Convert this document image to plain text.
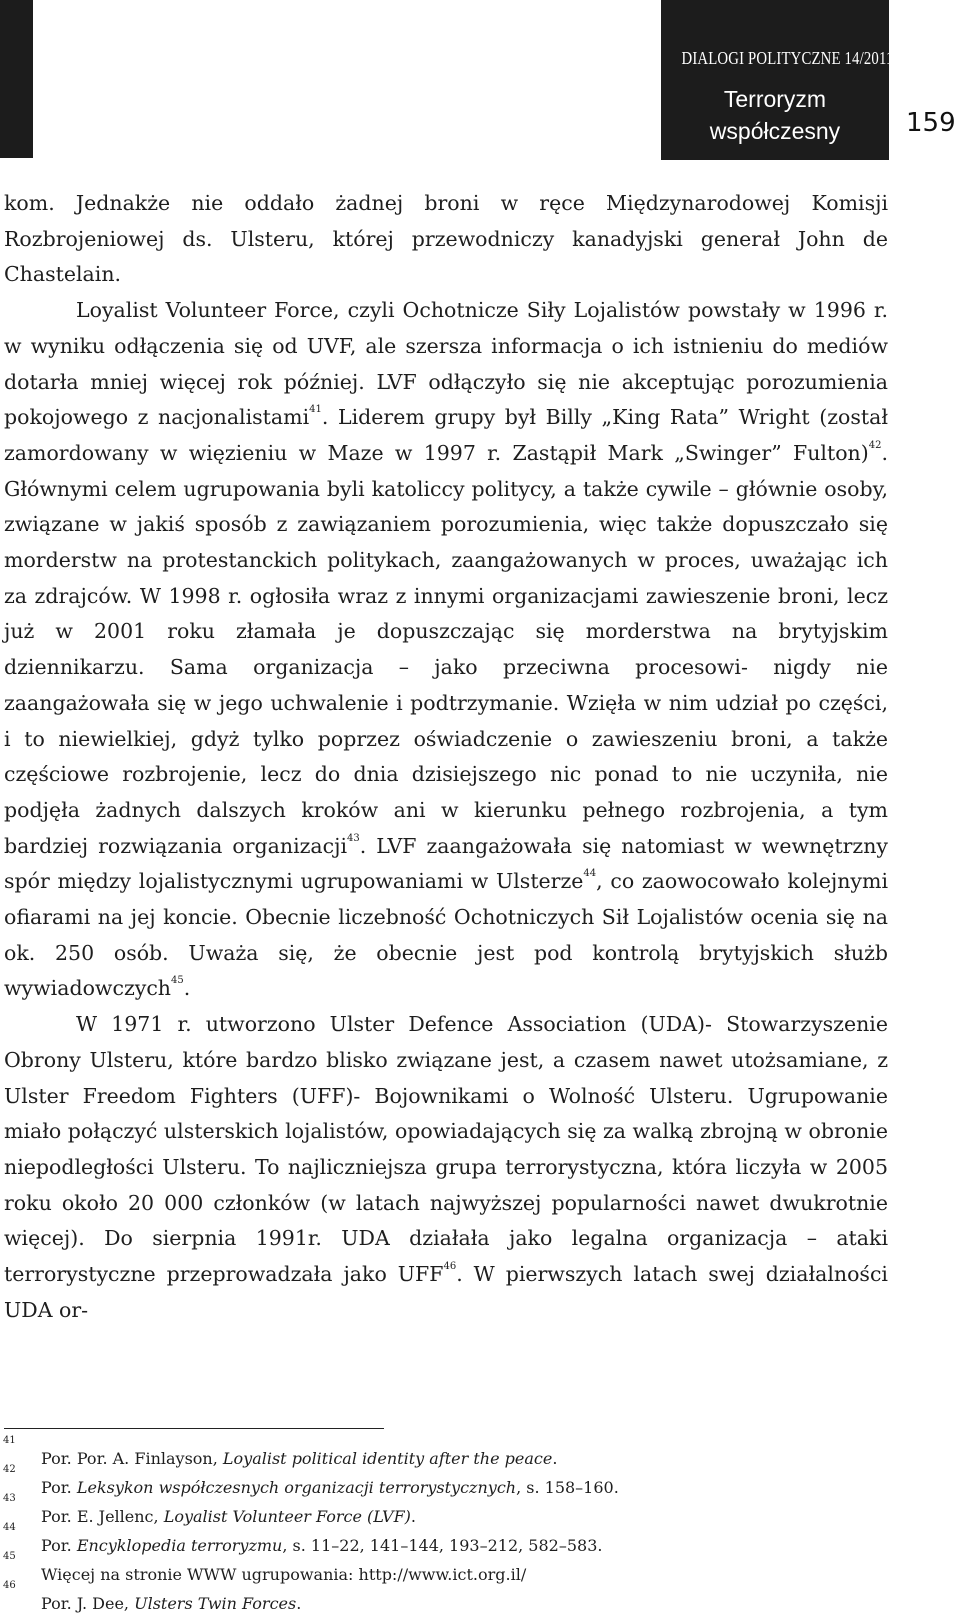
DIALOGI POLITYCZNE 14/2011
Terroryzm
współczesny	159

kom. Jednakże nie oddało żadnej broni w ręce Międzynarodowej Komisji Rozbrojeniowej ds. Ulsteru, której przewodniczy kanadyjski generał John de Chastelain.

Loyalist Volunteer Force, czyli Ochotnicze Siły Lojalistów powstały w 1996 r. w wyniku odłączenia się od UVF, ale szersza informacja o ich istnieniu do mediów dotarła mniej więcej rok później. LVF odłączyło się nie akceptując porozumienia pokojowego z nacjonalistami$^{41}$. Liderem grupy był Billy „King Rata” Wright (został zamordowany w więzieniu w Maze w 1997 r. Zastąpił Mark „Swinger” Fulton)$^{42}$. Głównymi celem ugrupowania byli katoliccy politycy, a także cywile – głównie osoby, związane w jakiś sposób z zawiązaniem porozumienia, więc także dopuszczało się morderstw na protestanckich politykach, zaangażowanych w proces, uważając ich za zdrajców. W 1998 r. ogłosiła wraz z innymi organizacjami zawieszenie broni, lecz już w 2001 roku złamała je dopuszczając się morderstwa na brytyjskim dziennikarzu. Sama organizacja – jako przeciwna procesowi- nigdy nie zaangażowała się w jego uchwalenie i podtrzymanie. Wzięła w nim udział po części, i to niewielkiej, gdyż tylko poprzez oświadczenie o zawieszeniu broni, a także częściowe rozbrojenie, lecz do dnia dzisiejszego nic ponad to nie uczyniła, nie podjęła żadnych dalszych kroków ani w kierunku pełnego rozbrojenia, a tym bardziej rozwiązania organizacji$^{43}$. LVF zaangażowała się natomiast w wewnętrzny spór między lojalistycznymi ugrupowaniami w Ulsterze$^{44}$, co zaowocowało kolejnymi ofiarami na jej koncie. Obecnie liczebność Ochotniczych Sił Lojalistów ocenia się na ok. 250 osób. Uważa się, że obecnie jest pod kontrolą brytyjskich służb wywiadowczych$^{45}$.

W 1971 r. utworzono Ulster Defence Association (UDA)- Stowarzyszenie Obrony Ulsteru, które bardzo blisko związane jest, a czasem nawet utożsamiane, z Ulster Freedom Fighters (UFF)- Bojownikami o Wolność Ulsteru. Ugrupowanie miało połączyć ulsterskich lojalistów, opowiadających się za walką zbrojną w obronie niepodległości Ulsteru. To najliczniejsza grupa terrorystyczna, która liczyła w 2005 roku około 20 000 członków (w latach najwyższej popularności nawet dwukrotnie więcej). Do sierpnia 1991r. UDA działała jako legalna organizacja – ataki terrorystyczne przeprowadzała jako UFF$^{46}$. W pierwszych latach swej działalności UDA or-

41
Por. Por. A. Finlayson, Loyalist political identity after the peace.
42
Por. Leksykon współczesnych organizacji terrorystycznych, s. 158–160.
43
Por. E. Jellenc, Loyalist Volunteer Force (LVF).
44
Por. Encyklopedia terroryzmu, s. 11–22, 141–144, 193–212, 582–583.
45
Więcej na stronie WWW ugrupowania: http://www.ict.org.il/
46
Por. J. Dee, Ulsters Twin Forces.
